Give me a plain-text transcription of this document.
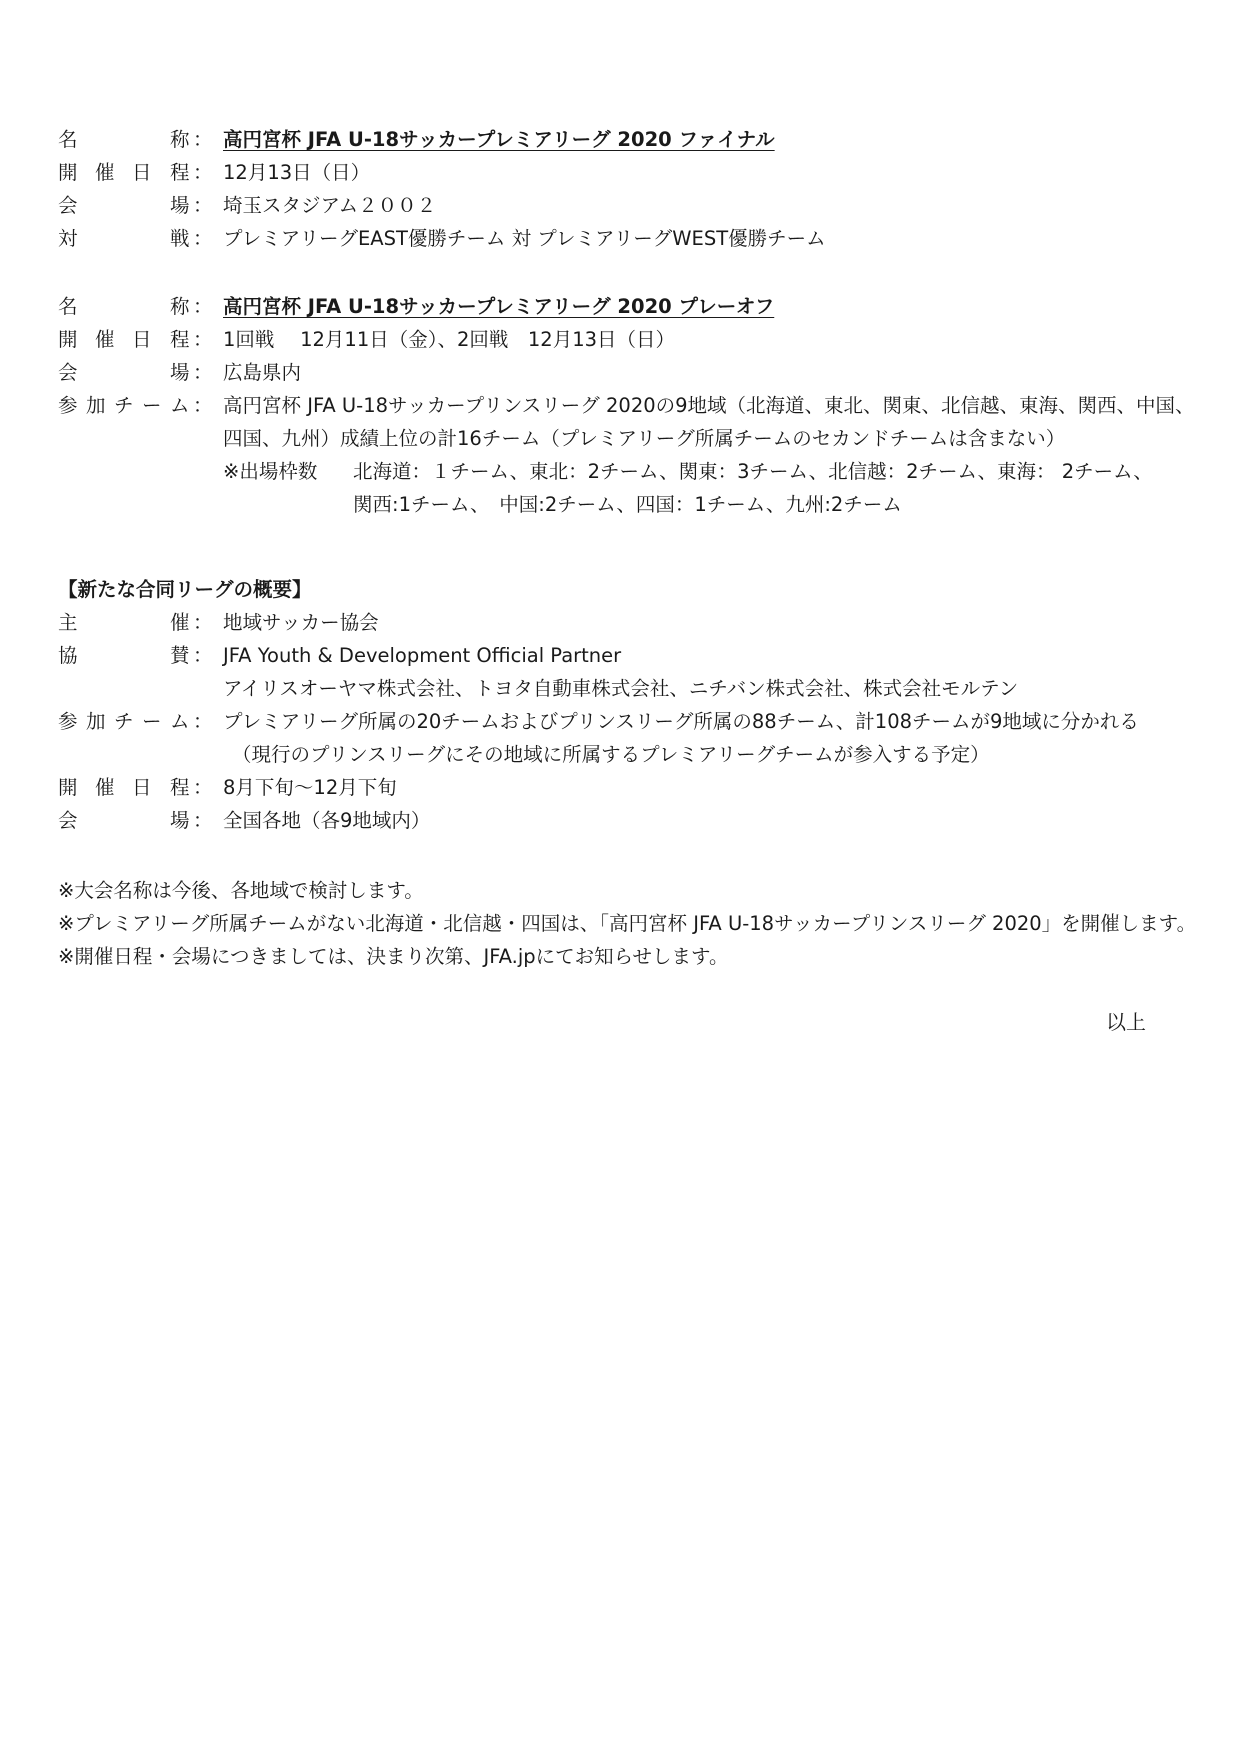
名	称 ： 高円宮杯 JFA U-18サッカープレミアリーグ 2020 ファイナル
開 催 日 程 ： 12月13日（日）
会	場 ： 埼玉スタジアム２００２
対	戦 ： プレミアリーグEAST優勝チーム 対 プレミアリーグWEST優勝チーム
名	称 ： 高円宮杯 JFA U-18サッカープレミアリーグ 2020 プレーオフ
開 催 日 程 ： 1回戦　 12月11日（金）、2回戦　12月13日（日）
会	場 ： 広島県内
参 加 チ ー ム ： 高円宮杯 JFA U-18サッカープリンスリーグ 2020の9地域（北海道、東北、関東、北信越、東海、関西、中国、
四国、九州）成績上位の計16チーム（プレミアリーグ所属チームのセカンドチームは含まない）
※出場枠数 北海道：１チーム、東北：2チーム、関東：3チーム、北信越：2チーム、東海： 2チーム、
関西:1チーム、　中国:2チーム、四国：1チーム、九州:2チーム
【新たな合同リーグの概要】
主	催 ： 地域サッカー協会
協	賛 ： JFA Youth & Development Official Partner
アイリスオーヤマ株式会社、トヨタ自動車株式会社、ニチバン株式会社、株式会社モルテン
参 加 チ ー ム ： プレミアリーグ所属の20チームおよびプリンスリーグ所属の88チーム、計108チームが9地域に分かれる
（現行のプリンスリーグにその地域に所属するプレミアリーグチームが参入する予定）
開 催 日 程 ： 8月下旬～12月下旬
会	場 ： 全国各地（各9地域内）
※大会名称は今後、各地域で検討します。
※プレミアリーグ所属チームがない北海道・北信越・四国は、「高円宮杯 JFA U-18サッカープリンスリーグ 2020」を開催します。
※開催日程・会場につきましては、決まり次第、JFA.jpにてお知らせします。
以上
